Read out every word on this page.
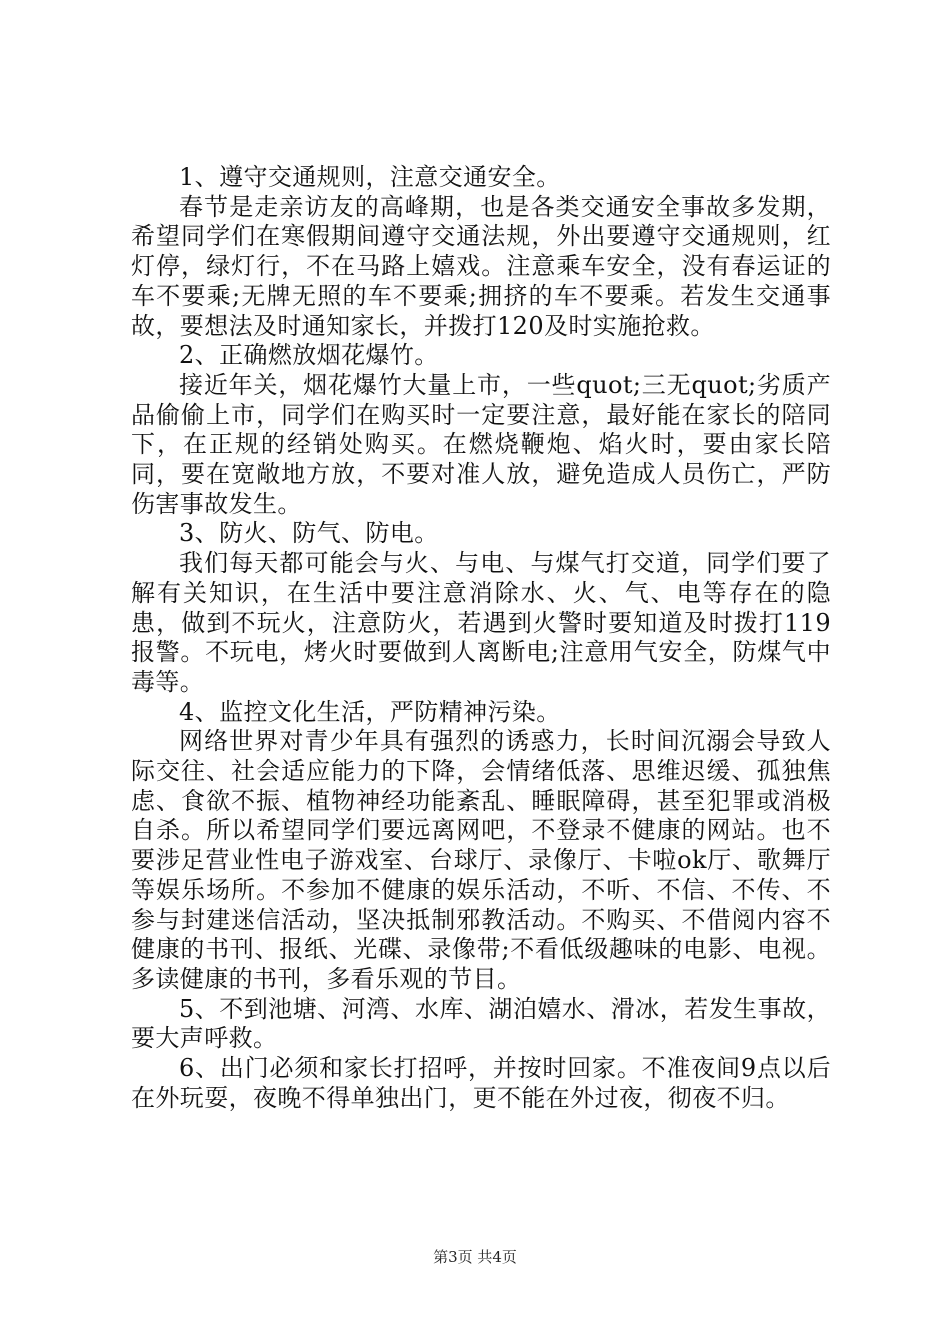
1、遵守交通规则，注意交通安全。

春节是走亲访友的高峰期，也是各类交通安全事故多发期，希望同学们在寒假期间遵守交通法规，外出要遵守交通规则，红灯停，绿灯行，不在马路上嬉戏。注意乘车安全，没有春运证的车不要乘;无牌无照的车不要乘;拥挤的车不要乘。若发生交通事故，要想法及时通知家长，并拨打120及时实施抢救。

2、正确燃放烟花爆竹。

接近年关，烟花爆竹大量上市，一些quot;三无quot;劣质产品偷偷上市，同学们在购买时一定要注意，最好能在家长的陪同下，在正规的经销处购买。在燃烧鞭炮、焰火时，要由家长陪同，要在宽敞地方放，不要对准人放，避免造成人员伤亡，严防伤害事故发生。

3、防火、防气、防电。

我们每天都可能会与火、与电、与煤气打交道，同学们要了解有关知识，在生活中要注意消除水、火、气、电等存在的隐患，做到不玩火，注意防火，若遇到火警时要知道及时拨打119报警。不玩电，烤火时要做到人离断电;注意用气安全，防煤气中毒等。

4、监控文化生活，严防精神污染。

网络世界对青少年具有强烈的诱惑力，长时间沉溺会导致人际交往、社会适应能力的下降，会情绪低落、思维迟缓、孤独焦虑、食欲不振、植物神经功能紊乱、睡眠障碍，甚至犯罪或消极自杀。所以希望同学们要远离网吧，不登录不健康的网站。也不要涉足营业性电子游戏室、台球厅、录像厅、卡啦ok厅、歌舞厅等娱乐场所。不参加不健康的娱乐活动，不听、不信、不传、不参与封建迷信活动，坚决抵制邪教活动。不购买、不借阅内容不健康的书刊、报纸、光碟、录像带;不看低级趣味的电影、电视。多读健康的书刊，多看乐观的节目。

5、不到池塘、河湾、水库、湖泊嬉水、滑冰，若发生事故，要大声呼救。

6、出门必须和家长打招呼，并按时回家。不准夜间9点以后在外玩耍，夜晚不得单独出门，更不能在外过夜，彻夜不归。

第3页 共4页
